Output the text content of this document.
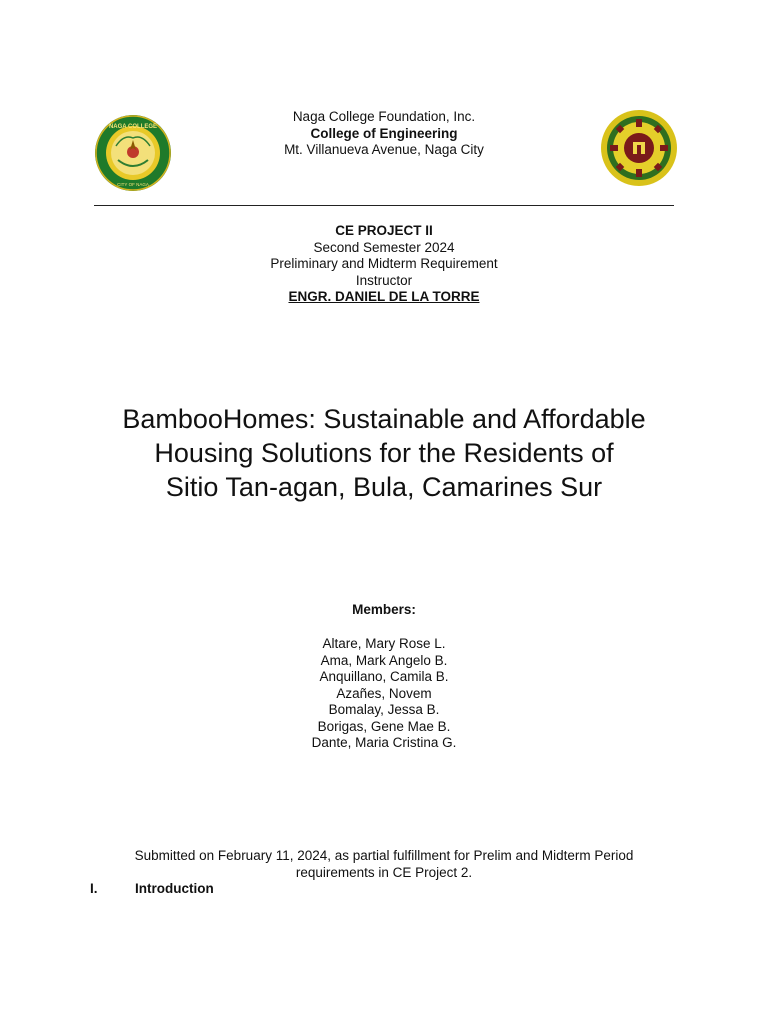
NAGA COLLEGE
CITY OF NAGA
Naga College Foundation, Inc.
College of Engineering
Mt. Villanueva Avenue, Naga City
CE PROJECT II
Second Semester 2024
Preliminary and Midterm Requirement
Instructor
ENGR. DANIEL DE LA TORRE
BambooHomes: Sustainable and Affordable
Housing Solutions for the Residents of
Sitio Tan-agan, Bula, Camarines Sur
Members:
Altare, Mary Rose L.
Ama, Mark Angelo B.
Anquillano, Camila B.
Azañes, Novem
Bomalay, Jessa B.
Borigas, Gene Mae B.
Dante, Maria Cristina G.
Submitted on February 11, 2024, as partial fulfillment for Prelim and Midterm Period
requirements in CE Project 2.
I.	Introduction
